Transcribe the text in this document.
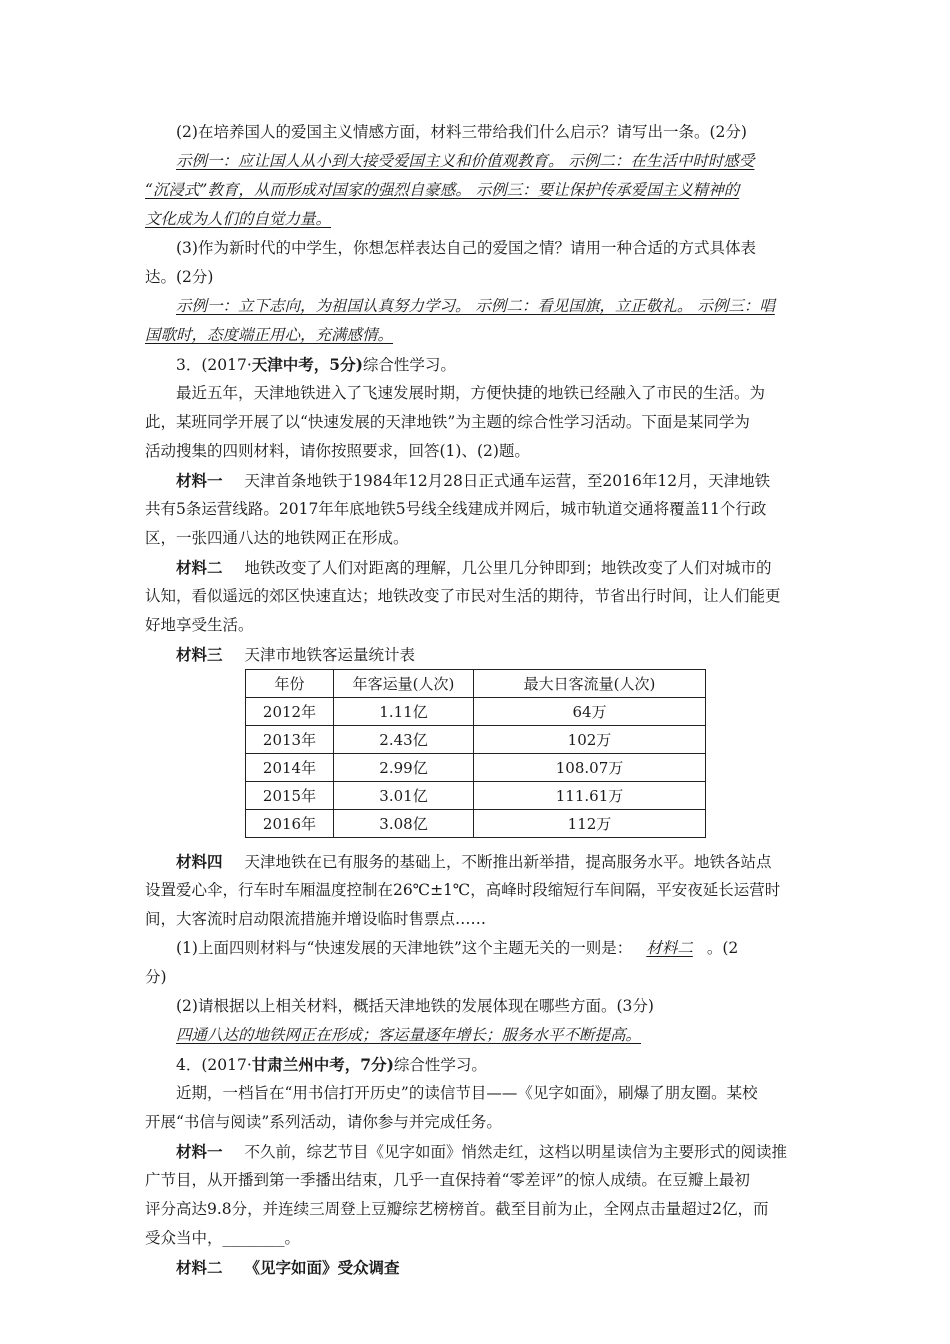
(2)在培养国人的爱国主义情感方面，材料三带给我们什么启示？请写出一条。(2分)
示例一：应让国人从小到大接受爱国主义和价值观教育。 示例二：在生活中时时感受
“沉浸式”教育，从而形成对国家的强烈自豪感。 示例三：要让保护传承爱国主义精神的
文化成为人们的自觉力量。
(3)作为新时代的中学生，你想怎样表达自己的爱国之情？请用一种合适的方式具体表
达。(2分)
示例一：立下志向，为祖国认真努力学习。 示例二：看见国旗，立正敬礼。 示例三：唱
国歌时，态度端正用心，充满感情。
3．(2017·天津中考，5分)综合性学习。
最近五年，天津地铁进入了飞速发展时期，方便快捷的地铁已经融入了市民的生活。为
此，某班同学开展了以“快速发展的天津地铁”为主题的综合性学习活动。下面是某同学为
活动搜集的四则材料，请你按照要求，回答(1)、(2)题。
材料一 天津首条地铁于1984年12月28日正式通车运营，至2016年12月，天津地铁
共有5条运营线路。2017年年底地铁5号线全线建成并网后，城市轨道交通将覆盖11个行政
区，一张四通八达的地铁网正在形成。
材料二 地铁改变了人们对距离的理解，几公里几分钟即到；地铁改变了人们对城市的
认知，看似遥远的郊区快速直达；地铁改变了市民对生活的期待，节省出行时间，让人们能更
好地享受生活。
材料三 天津市地铁客运量统计表
年份	年客运量(人次)	最大日客流量(人次)
2012年	1.11亿	64万
2013年	2.43亿	102万
2014年	2.99亿	108.07万
2015年	3.01亿	111.61万
2016年	3.08亿	112万
材料四 天津地铁在已有服务的基础上，不断推出新举措，提高服务水平。地铁各站点
设置爱心伞，行车时车厢温度控制在26℃±1℃，高峰时段缩短行车间隔，平安夜延长运营时
间，大客流时启动限流措施并增设临时售票点……
(1)上面四则材料与“快速发展的天津地铁”这个主题无关的一则是： 材料二 。(2
分)
(2)请根据以上相关材料，概括天津地铁的发展体现在哪些方面。(3分)
四通八达的地铁网正在形成；客运量逐年增长；服务水平不断提高。
4．(2017·甘肃兰州中考，7分)综合性学习。
近期，一档旨在“用书信打开历史”的读信节目——《见字如面》，刷爆了朋友圈。某校
开展“书信与阅读”系列活动，请你参与并完成任务。
材料一 不久前，综艺节目《见字如面》悄然走红，这档以明星读信为主要形式的阅读推
广节目，从开播到第一季播出结束，几乎一直保持着“零差评”的惊人成绩。在豆瓣上最初
评分高达9.8分，并连续三周登上豆瓣综艺榜榜首。截至目前为止，全网点击量超过2亿，而
受众当中，________。
材料二 《见字如面》受众调查
